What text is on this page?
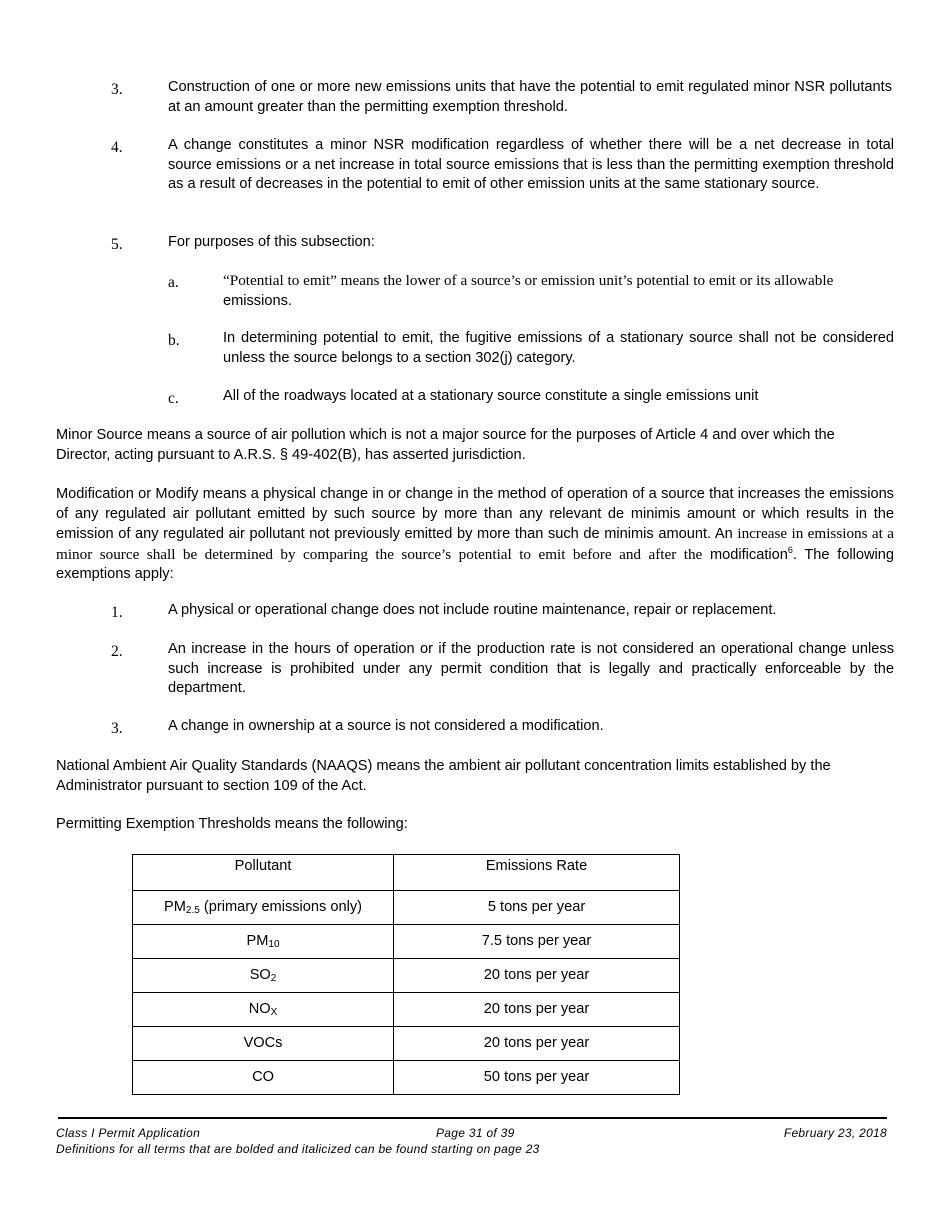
3.	Construction of one or more new emissions units that have the potential to emit regulated minor NSR pollutants at an amount greater than the permitting exemption threshold.
4.	A change constitutes a minor NSR modification regardless of whether there will be a net decrease in total source emissions or a net increase in total source emissions that is less than the permitting exemption threshold as a result of decreases in the potential to emit of other emission units at the same stationary source.
5.	For purposes of this subsection:
a.	“Potential to emit” means the lower of a source’s or emission unit’s potential to emit or its allowable
emissions.
b.	In determining potential to emit, the fugitive emissions of a stationary source shall not be considered unless the source belongs to a section 302(j) category.
c.	All of the roadways located at a stationary source constitute a single emissions unit
Minor Source means a source of air pollution which is not a major source for the purposes of Article 4 and over which the Director, acting pursuant to A.R.S. § 49-402(B), has asserted jurisdiction.
Modification or Modify means a physical change in or change in the method of operation of a source that increases the emissions of any regulated air pollutant emitted by such source by more than any relevant de minimis amount or which results in the emission of any regulated air pollutant not previously emitted by more than such de minimis amount. An increase in emissions at a minor source shall be determined by comparing the source’s potential to emit before and after the modification$^6$. The following exemptions apply:
1.	A physical or operational change does not include routine maintenance, repair or replacement.
2.	An increase in the hours of operation or if the production rate is not considered an operational change unless such increase is prohibited under any permit condition that is legally and practically enforceable by the department.
3.	A change in ownership at a source is not considered a modification.
National Ambient Air Quality Standards (NAAQS) means the ambient air pollutant concentration limits established by the Administrator pursuant to section 109 of the Act.
Permitting Exemption Thresholds means the following:
Pollutant	Emissions Rate
$PM_{2.5}$ (primary emissions only)	5 tons per year
$PM_{10}$	7.5 tons per year
$SO_2$	20 tons per year
$NO_X$	20 tons per year
VOCs	20 tons per year
CO	50 tons per year
Class I Permit Application	Page 31 of 39	February 23, 2018
Definitions for all terms that are bolded and italicized can be found starting on page 23
